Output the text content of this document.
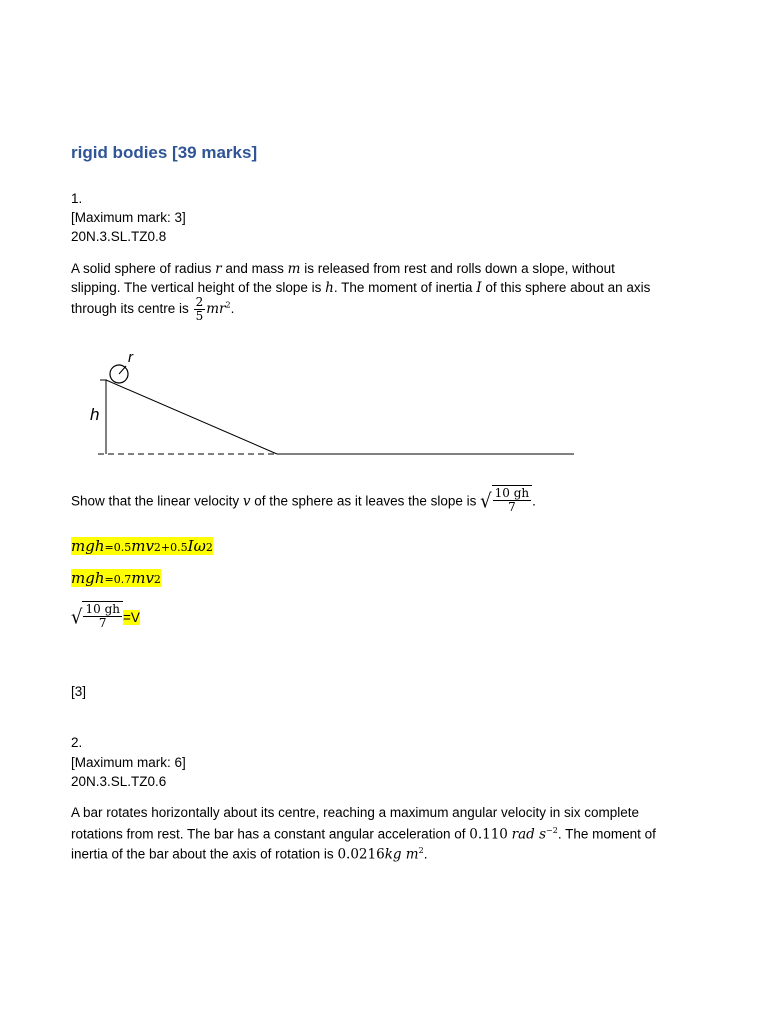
rigid bodies [39 marks]
1.
[Maximum mark: 3]
20N.3.SL.TZ0.8
A solid sphere of radius r and mass m is released from rest and rolls down a slope, without
slipping. The vertical height of the slope is h. The moment of inertia I of this sphere about an axis
through its centre is $\frac{2}{5} mr^2$.
r
h
Show that the linear velocity v of the sphere as it leaves the slope is √ $\frac{10 gh}{7}$ .
mgh=0.5mv2+0.5Iω2
mgh=0.7mv2
√ $\frac{10 gh}{7} =V$
[3]
2.
[Maximum mark: 6]
20N.3.SL.TZ0.6
A bar rotates horizontally about its centre, reaching a maximum angular velocity in six complete
rotations from rest. The bar has a constant angular acceleration of 0.110 rad $s^{-2}$. The moment of
inertia of the bar about the axis of rotation is 0.0216kg $m^2$.
